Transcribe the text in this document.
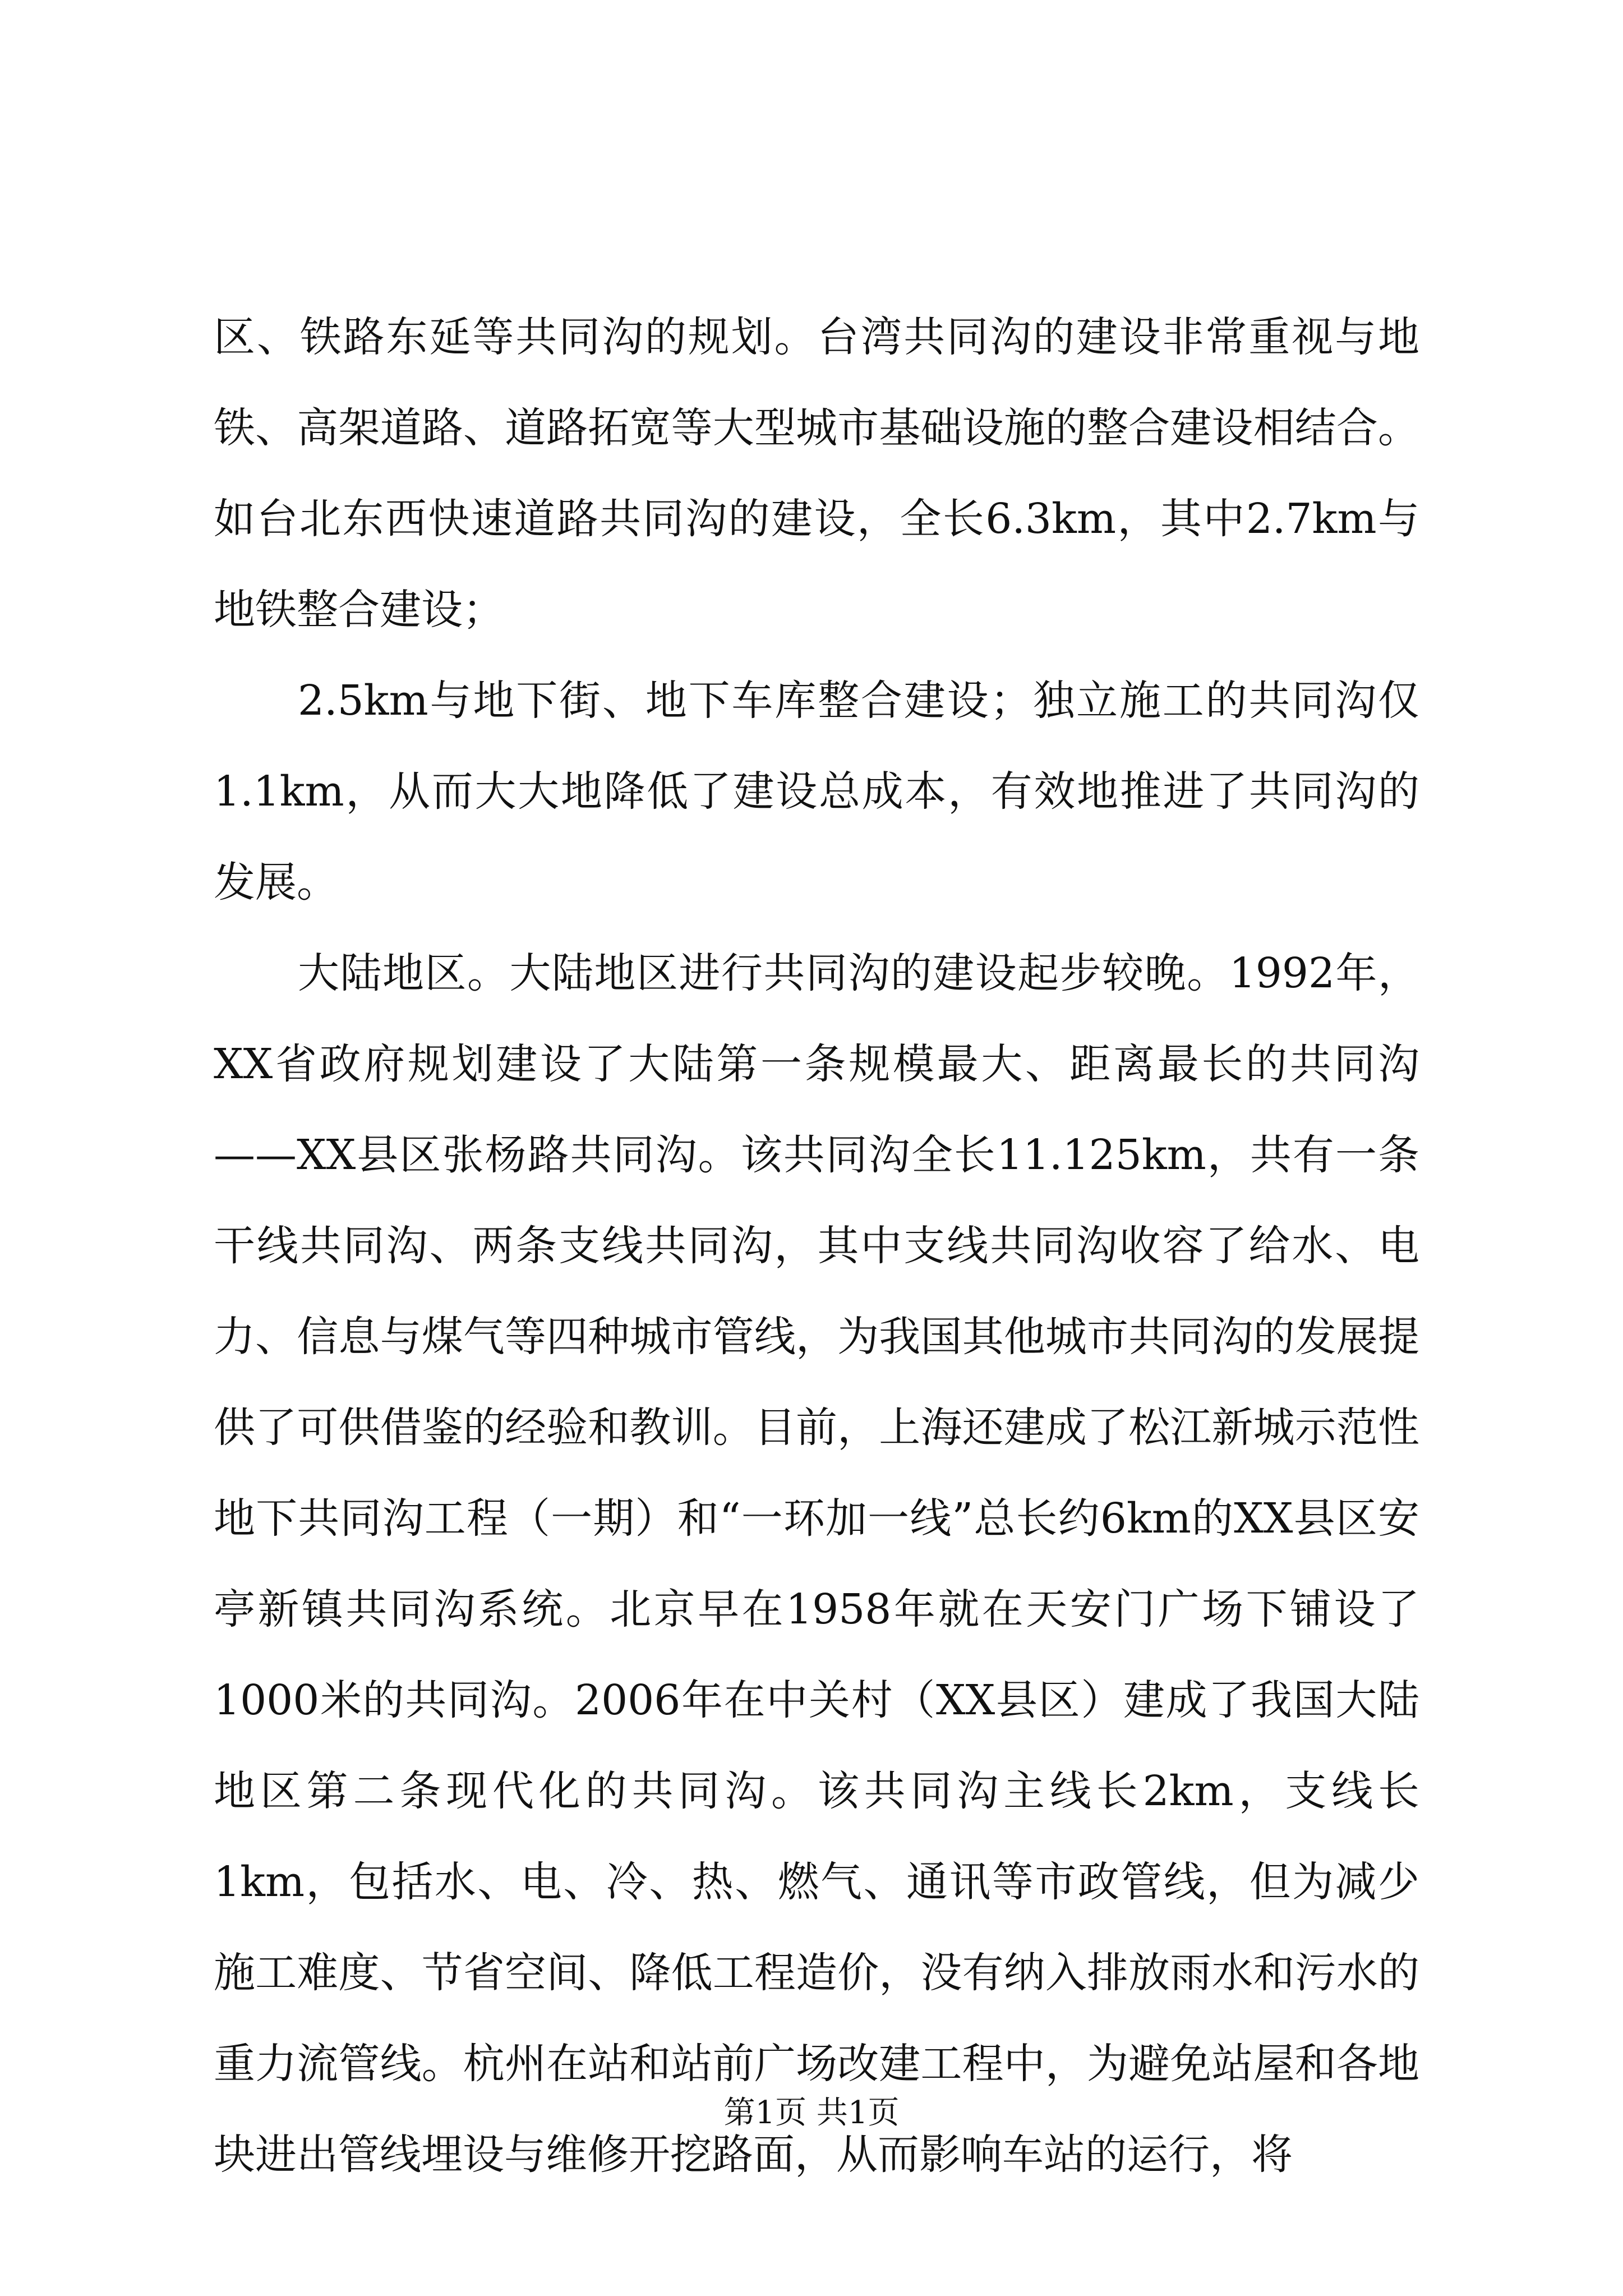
区、铁路东延等共同沟的规划。台湾共同沟的建设非常重视与地铁、高架道路、道路拓宽等大型城市基础设施的整合建设相结合。如台北东西快速道路共同沟的建设，全长6.3km，其中2.7km与地铁整合建设；

2.5km与地下街、地下车库整合建设；独立施工的共同沟仅1.1km，从而大大地降低了建设总成本，有效地推进了共同沟的发展。

大陆地区。大陆地区进行共同沟的建设起步较晚。1992年，XX省政府规划建设了大陆第一条规模最大、距离最长的共同沟——XX县区张杨路共同沟。该共同沟全长11.125km，共有一条干线共同沟、两条支线共同沟，其中支线共同沟收容了给水、电力、信息与煤气等四种城市管线，为我国其他城市共同沟的发展提供了可供借鉴的经验和教训。目前，上海还建成了松江新城示范性地下共同沟工程（一期）和“一环加一线”总长约6km的XX县区安亭新镇共同沟系统。北京早在1958年就在天安门广场下铺设了1000米的共同沟。2006年在中关村（XX县区）建成了我国大陆地区第二条现代化的共同沟。该共同沟主线长2km，支线长1km，包括水、电、冷、热、燃气、通讯等市政管线，但为减少施工难度、节省空间、降低工程造价，没有纳入排放雨水和污水的重力流管线。杭州在站和站前广场改建工程中，为避免站屋和各地块进出管线埋设与维修开挖路面，从而影响车站的运行，将

第1页 共1页
